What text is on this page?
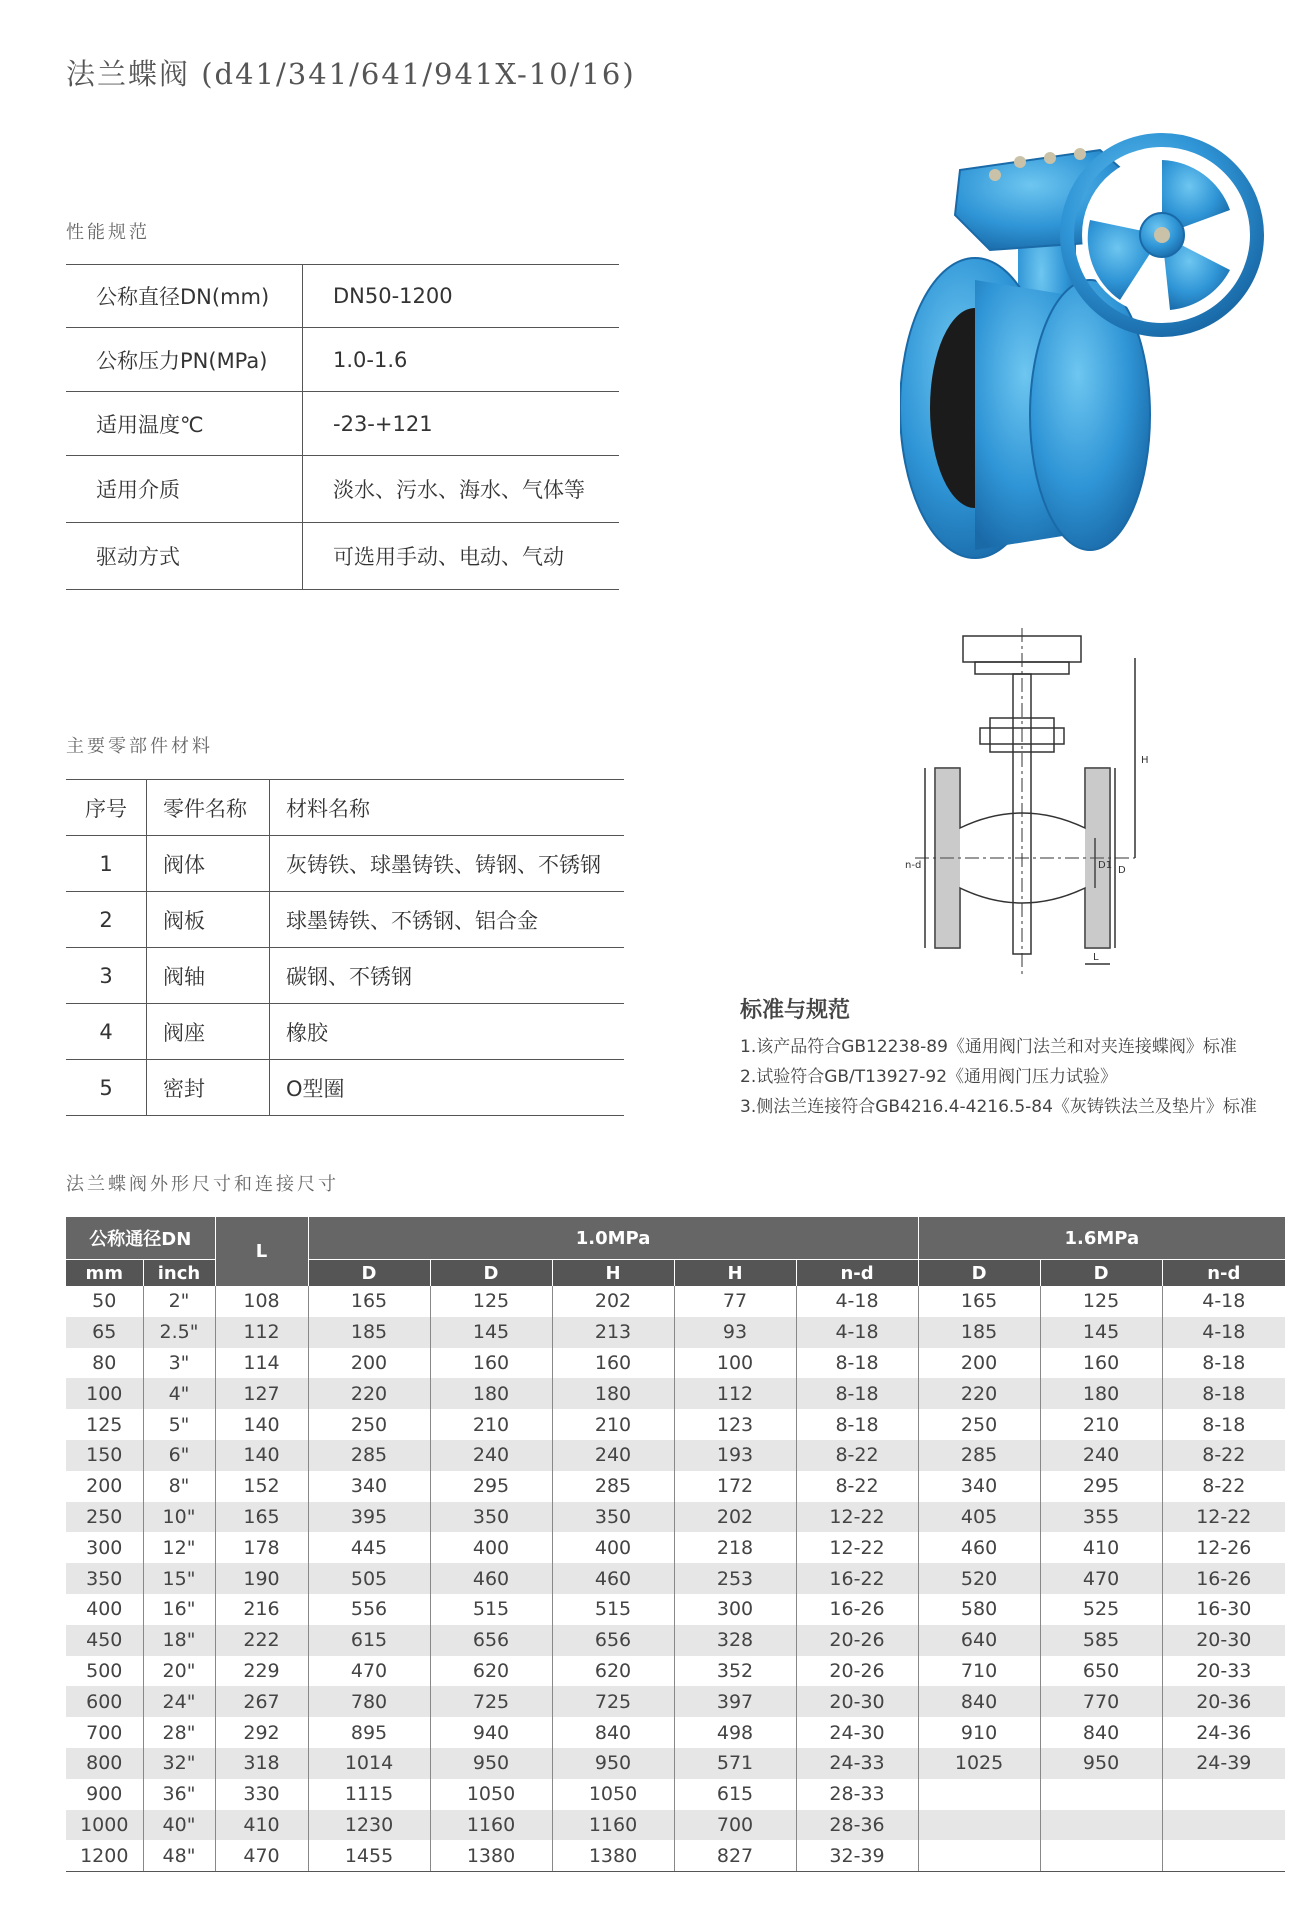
法兰蝶阀 (d41/341/641/941X-10/16)
性能规范
公称直径DN(mm)	DN50-1200
公称压力PN(MPa)	1.0-1.6
适用温度℃	-23-+121
适用介质	淡水、污水、海水、气体等
驱动方式	可选用手动、电动、气动
主要零部件材料
序号	零件名称	材料名称
1	阀体	灰铸铁、球墨铸铁、铸钢、不锈钢
2	阀板	球墨铸铁、不锈钢、铝合金
3	阀轴	碳钢、不锈钢
4	阀座	橡胶
5	密封	O型圈
H
D1 D
n-d
L
标准与规范
1.该产品符合GB12238-89《通用阀门法兰和对夹连接蝶阀》标准
2.试验符合GB/T13927-92《通用阀门压力试验》
3.侧法兰连接符合GB4216.4-4216.5-84《灰铸铁法兰及垫片》标准
法兰蝶阀外形尺寸和连接尺寸
公称通径DN		L	1.0MPa					1.6MPa		
mm	inch		D	D	H	H	n-d	D	D	n-d
50	2"	108	165	125	202	77	4-18	165	125	4-18
65	2.5"	112	185	145	213	93	4-18	185	145	4-18
80	3"	114	200	160	160	100	8-18	200	160	8-18
100	4"	127	220	180	180	112	8-18	220	180	8-18
125	5"	140	250	210	210	123	8-18	250	210	8-18
150	6"	140	285	240	240	193	8-22	285	240	8-22
200	8"	152	340	295	285	172	8-22	340	295	8-22
250	10"	165	395	350	350	202	12-22	405	355	12-22
300	12"	178	445	400	400	218	12-22	460	410	12-26
350	15"	190	505	460	460	253	16-22	520	470	16-26
400	16"	216	556	515	515	300	16-26	580	525	16-30
450	18"	222	615	656	656	328	20-26	640	585	20-30
500	20"	229	470	620	620	352	20-26	710	650	20-33
600	24"	267	780	725	725	397	20-30	840	770	20-36
700	28"	292	895	940	840	498	24-30	910	840	24-36
800	32"	318	1014	950	950	571	24-33	1025	950	24-39
900	36"	330	1115	1050	1050	615	28-33			
1000	40"	410	1230	1160	1160	700	28-36			
1200	48"	470	1455	1380	1380	827	32-39			
